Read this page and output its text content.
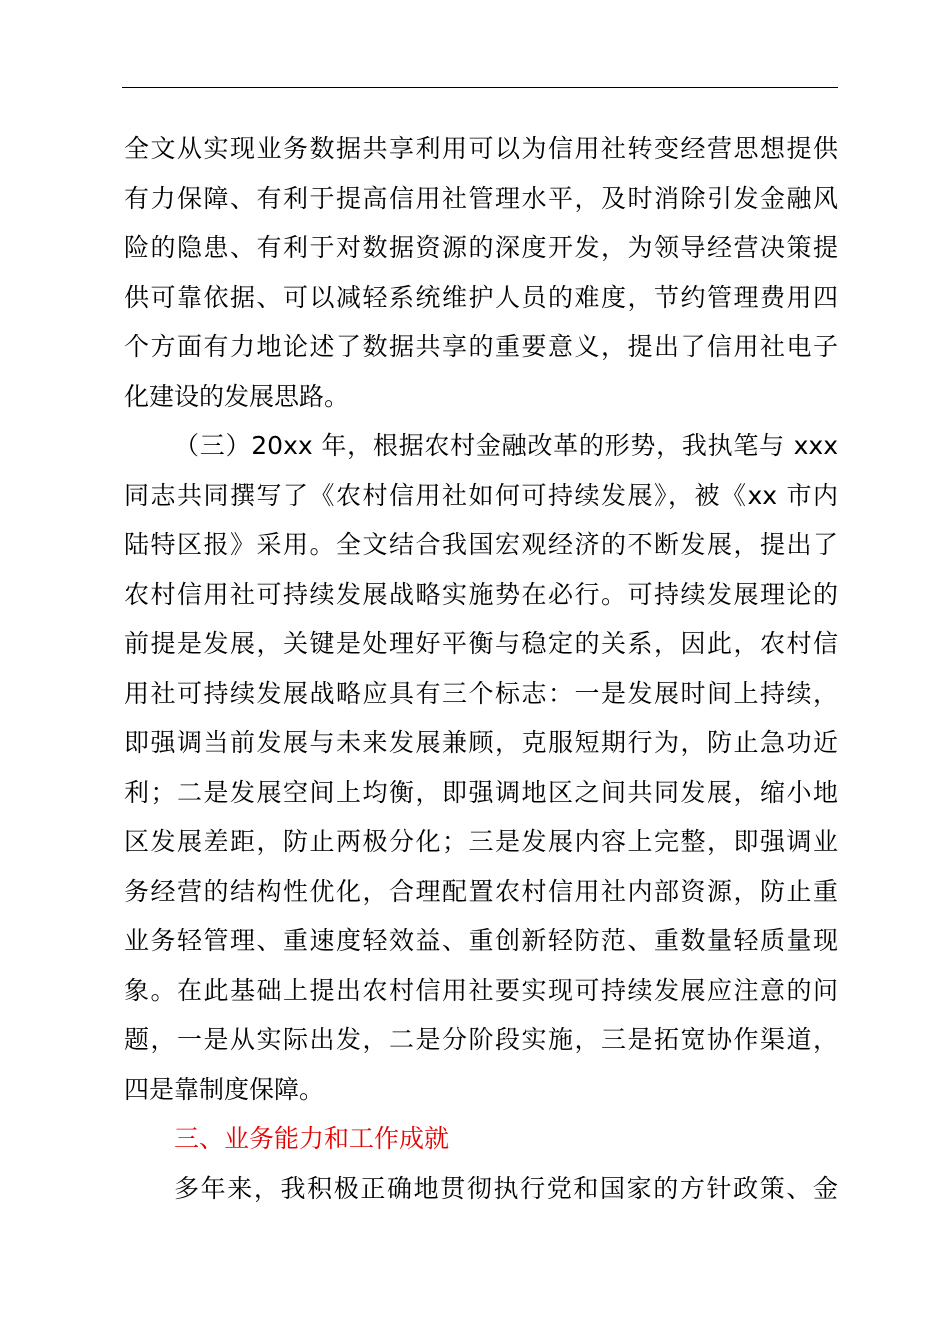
全文从实现业务数据共享利用可以为信用社转变经营思想提供
有力保障、有利于提高信用社管理水平，及时消除引发金融风
险的隐患、有利于对数据资源的深度开发，为领导经营决策提
供可靠依据、可以减轻系统维护人员的难度，节约管理费用四
个方面有力地论述了数据共享的重要意义，提出了信用社电子
化建设的发展思路。
（三）20xx 年，根据农村金融改革的形势，我执笔与 xxx
同志共同撰写了《农村信用社如何可持续发展》，被《xx 市内
陆特区报》采用。全文结合我国宏观经济的不断发展，提出了
农村信用社可持续发展战略实施势在必行。可持续发展理论的
前提是发展，关键是处理好平衡与稳定的关系，因此，农村信
用社可持续发展战略应具有三个标志：一是发展时间上持续，
即强调当前发展与未来发展兼顾，克服短期行为，防止急功近
利；二是发展空间上均衡，即强调地区之间共同发展，缩小地
区发展差距，防止两极分化；三是发展内容上完整，即强调业
务经营的结构性优化，合理配置农村信用社内部资源，防止重
业务轻管理、重速度轻效益、重创新轻防范、重数量轻质量现
象。在此基础上提出农村信用社要实现可持续发展应注意的问
题，一是从实际出发，二是分阶段实施，三是拓宽协作渠道，
四是靠制度保障。
三、业务能力和工作成就
多年来，我积极正确地贯彻执行党和国家的方针政策、金
